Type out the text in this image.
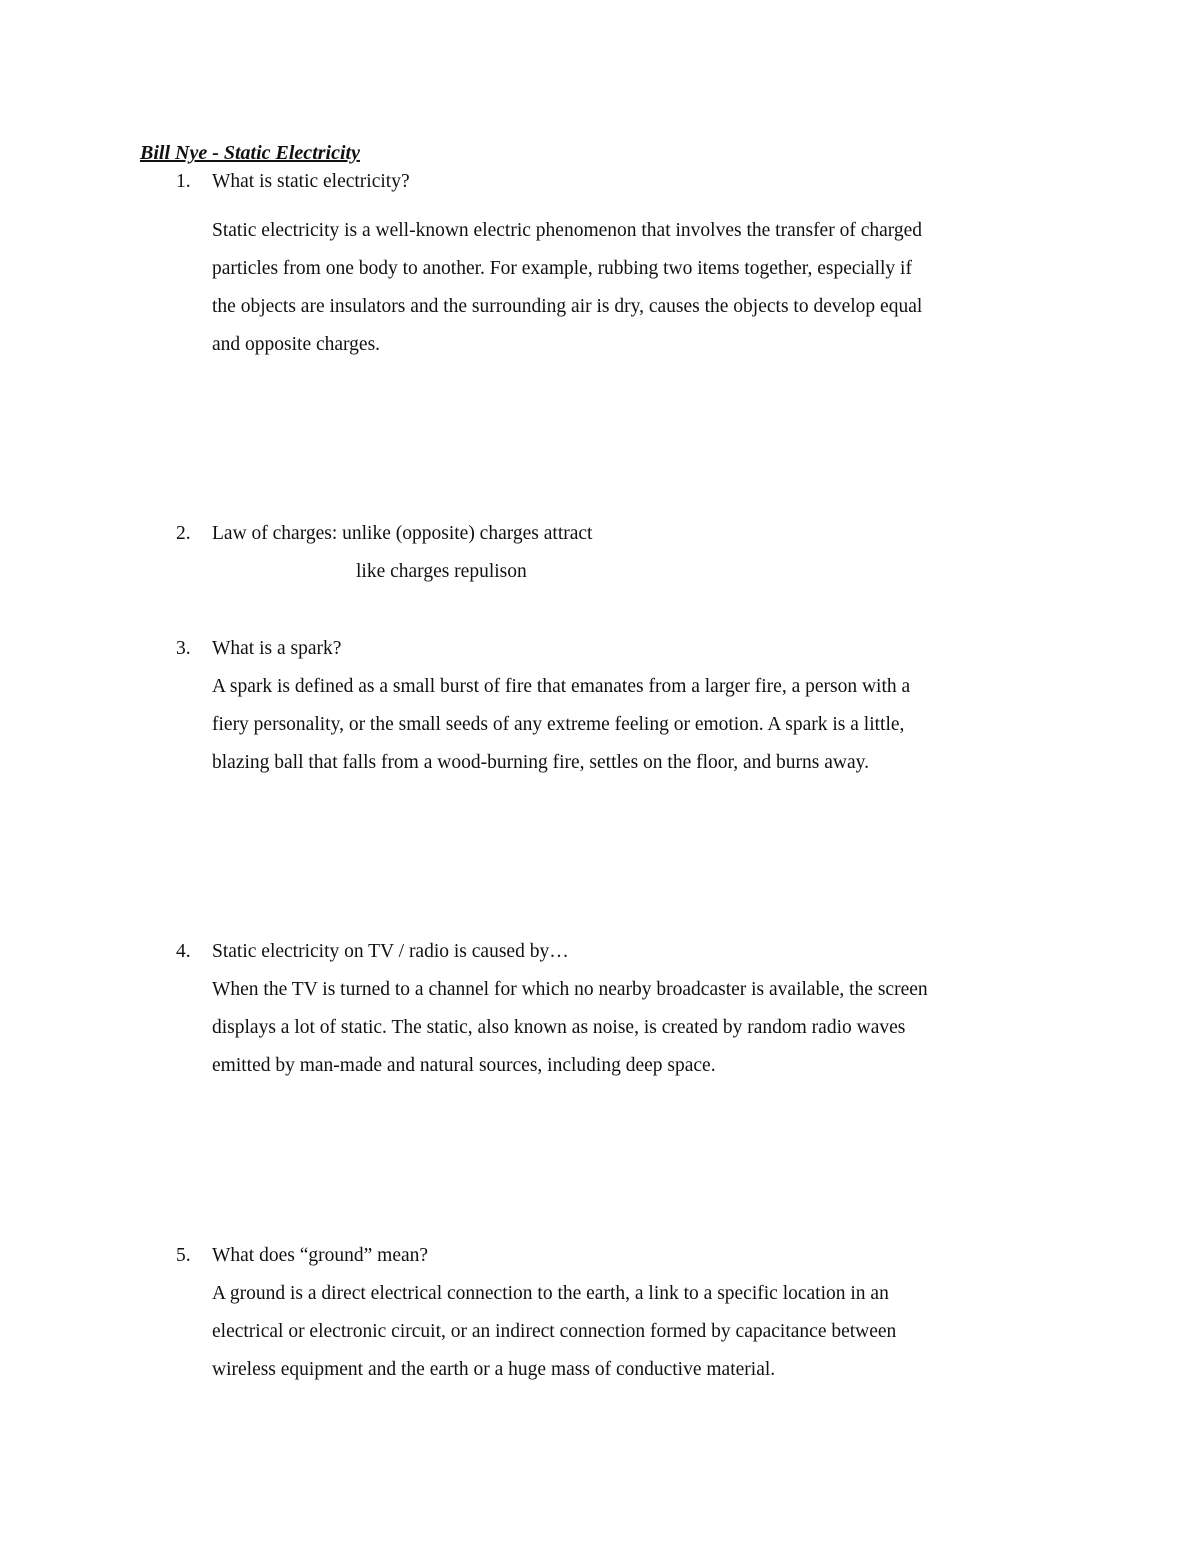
Bill Nye - Static Electricity
1. What is static electricity?
Static electricity is a well-known electric phenomenon that involves the transfer of charged
particles from one body to another. For example, rubbing two items together, especially if
the objects are insulators and the surrounding air is dry, causes the objects to develop equal
and opposite charges.
2. Law of charges: unlike (opposite) charges attract
like charges repulison
3. What is a spark?
A spark is defined as a small burst of fire that emanates from a larger fire, a person with a
fiery personality, or the small seeds of any extreme feeling or emotion. A spark is a little,
blazing ball that falls from a wood-burning fire, settles on the floor, and burns away.
4. Static electricity on TV / radio is caused by…
When the TV is turned to a channel for which no nearby broadcaster is available, the screen
displays a lot of static. The static, also known as noise, is created by random radio waves
emitted by man-made and natural sources, including deep space.
5. What does “ground” mean?
A ground is a direct electrical connection to the earth, a link to a specific location in an
electrical or electronic circuit, or an indirect connection formed by capacitance between
wireless equipment and the earth or a huge mass of conductive material.
